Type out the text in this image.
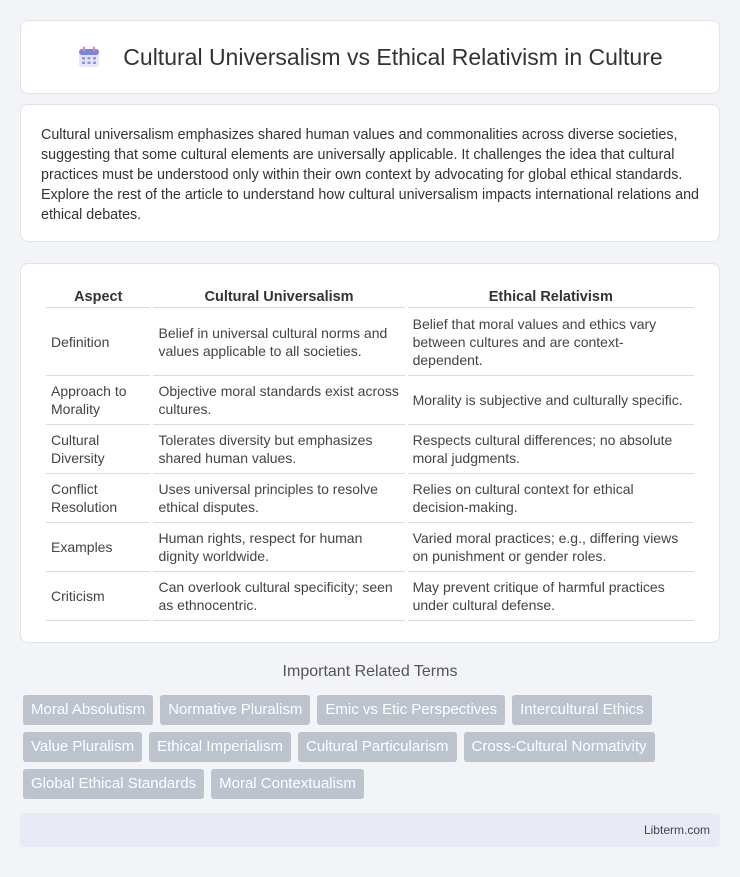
Cultural Universalism vs Ethical Relativism in Culture

Cultural universalism emphasizes shared human values and commonalities across diverse societies, suggesting that some cultural elements are universally applicable. It challenges the idea that cultural practices must be understood only within their own context by advocating for global ethical standards. Explore the rest of the article to understand how cultural universalism impacts international relations and ethical debates.

Aspect	Cultural Universalism	Ethical Relativism
Definition	Belief in universal cultural norms and values applicable to all societies.	Belief that moral values and ethics vary between cultures and are context-dependent.
Approach to Morality	Objective moral standards exist across cultures.	Morality is subjective and culturally specific.
Cultural Diversity	Tolerates diversity but emphasizes shared human values.	Respects cultural differences; no absolute moral judgments.
Conflict Resolution	Uses universal principles to resolve ethical disputes.	Relies on cultural context for ethical decision-making.
Examples	Human rights, respect for human dignity worldwide.	Varied moral practices; e.g., differing views on punishment or gender roles.
Criticism	Can overlook cultural specificity; seen as ethnocentric.	May prevent critique of harmful practices under cultural defense.
Important Related Terms
Moral Absolutism	Normative Pluralism	Emic vs Etic Perspectives	Intercultural Ethics
Value Pluralism	Ethical Imperialism	Cultural Particularism	Cross-Cultural Normativity
Global Ethical Standards	Moral Contextualism
Libterm.com
